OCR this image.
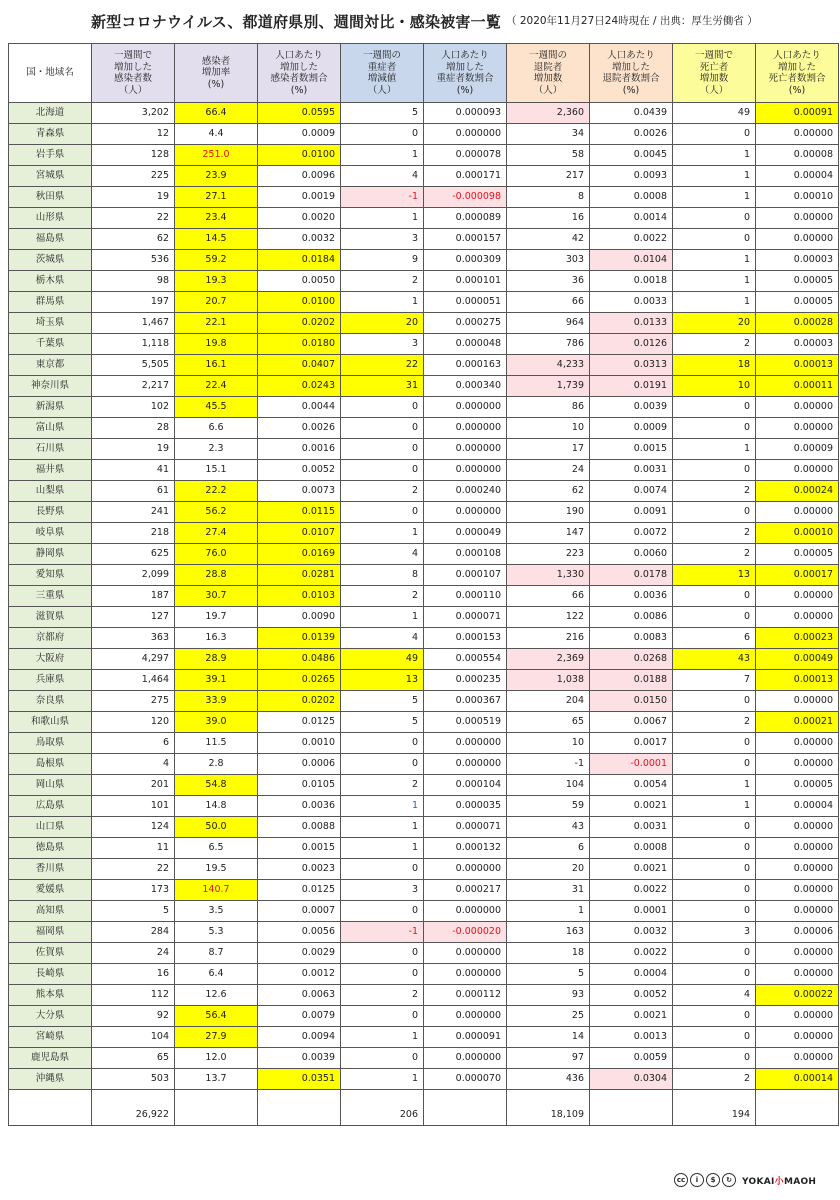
新型コロナウイルス、都道府県別、週間対比・感染被害一覧 （ 2020年11月27日24時現在 / 出典：厚生労働省 ）
国・地域名	一週間で
増加した
感染者数
（人）	感染者
増加率
(%)	人口あたり
増加した
感染者数割合
(%)	一週間の
重症者
増減値
（人）	人口あたり
増加した
重症者数割合
(%)	一週間の
退院者
増加数
（人）	人口あたり
増加した
退院者数割合
(%)	一週間で
死亡者
増加数
（人）	人口あたり
増加した
死亡者数割合
(%)
北海道	3,202	66.4	0.0595	5	0.000093	2,360	0.0439	49	0.00091
青森県	12	4.4	0.0009	0	0.000000	34	0.0026	0	0.00000
岩手県	128	251.0	0.0100	1	0.000078	58	0.0045	1	0.00008
宮城県	225	23.9	0.0096	4	0.000171	217	0.0093	1	0.00004
秋田県	19	27.1	0.0019	-1	-0.000098	8	0.0008	1	0.00010
山形県	22	23.4	0.0020	1	0.000089	16	0.0014	0	0.00000
福島県	62	14.5	0.0032	3	0.000157	42	0.0022	0	0.00000
茨城県	536	59.2	0.0184	9	0.000309	303	0.0104	1	0.00003
栃木県	98	19.3	0.0050	2	0.000101	36	0.0018	1	0.00005
群馬県	197	20.7	0.0100	1	0.000051	66	0.0033	1	0.00005
埼玉県	1,467	22.1	0.0202	20	0.000275	964	0.0133	20	0.00028
千葉県	1,118	19.8	0.0180	3	0.000048	786	0.0126	2	0.00003
東京都	5,505	16.1	0.0407	22	0.000163	4,233	0.0313	18	0.00013
神奈川県	2,217	22.4	0.0243	31	0.000340	1,739	0.0191	10	0.00011
新潟県	102	45.5	0.0044	0	0.000000	86	0.0039	0	0.00000
富山県	28	6.6	0.0026	0	0.000000	10	0.0009	0	0.00000
石川県	19	2.3	0.0016	0	0.000000	17	0.0015	1	0.00009
福井県	41	15.1	0.0052	0	0.000000	24	0.0031	0	0.00000
山梨県	61	22.2	0.0073	2	0.000240	62	0.0074	2	0.00024
長野県	241	56.2	0.0115	0	0.000000	190	0.0091	0	0.00000
岐阜県	218	27.4	0.0107	1	0.000049	147	0.0072	2	0.00010
静岡県	625	76.0	0.0169	4	0.000108	223	0.0060	2	0.00005
愛知県	2,099	28.8	0.0281	8	0.000107	1,330	0.0178	13	0.00017
三重県	187	30.7	0.0103	2	0.000110	66	0.0036	0	0.00000
滋賀県	127	19.7	0.0090	1	0.000071	122	0.0086	0	0.00000
京都府	363	16.3	0.0139	4	0.000153	216	0.0083	6	0.00023
大阪府	4,297	28.9	0.0486	49	0.000554	2,369	0.0268	43	0.00049
兵庫県	1,464	39.1	0.0265	13	0.000235	1,038	0.0188	7	0.00013
奈良県	275	33.9	0.0202	5	0.000367	204	0.0150	0	0.00000
和歌山県	120	39.0	0.0125	5	0.000519	65	0.0067	2	0.00021
鳥取県	6	11.5	0.0010	0	0.000000	10	0.0017	0	0.00000
島根県	4	2.8	0.0006	0	0.000000	-1	-0.0001	0	0.00000
岡山県	201	54.8	0.0105	2	0.000104	104	0.0054	1	0.00005
広島県	101	14.8	0.0036	1	0.000035	59	0.0021	1	0.00004
山口県	124	50.0	0.0088	1	0.000071	43	0.0031	0	0.00000
徳島県	11	6.5	0.0015	1	0.000132	6	0.0008	0	0.00000
香川県	22	19.5	0.0023	0	0.000000	20	0.0021	0	0.00000
愛媛県	173	140.7	0.0125	3	0.000217	31	0.0022	0	0.00000
高知県	5	3.5	0.0007	0	0.000000	1	0.0001	0	0.00000
福岡県	284	5.3	0.0056	-1	-0.000020	163	0.0032	3	0.00006
佐賀県	24	8.7	0.0029	0	0.000000	18	0.0022	0	0.00000
長崎県	16	6.4	0.0012	0	0.000000	5	0.0004	0	0.00000
熊本県	112	12.6	0.0063	2	0.000112	93	0.0052	4	0.00022
大分県	92	56.4	0.0079	0	0.000000	25	0.0021	0	0.00000
宮崎県	104	27.9	0.0094	1	0.000091	14	0.0013	0	0.00000
鹿児島県	65	12.0	0.0039	0	0.000000	97	0.0059	0	0.00000
沖縄県	503	13.7	0.0351	1	0.000070	436	0.0304	2	0.00014
	26,922			206		18,109		194	
cc	i	$	↻	YOKAI小MAOH
